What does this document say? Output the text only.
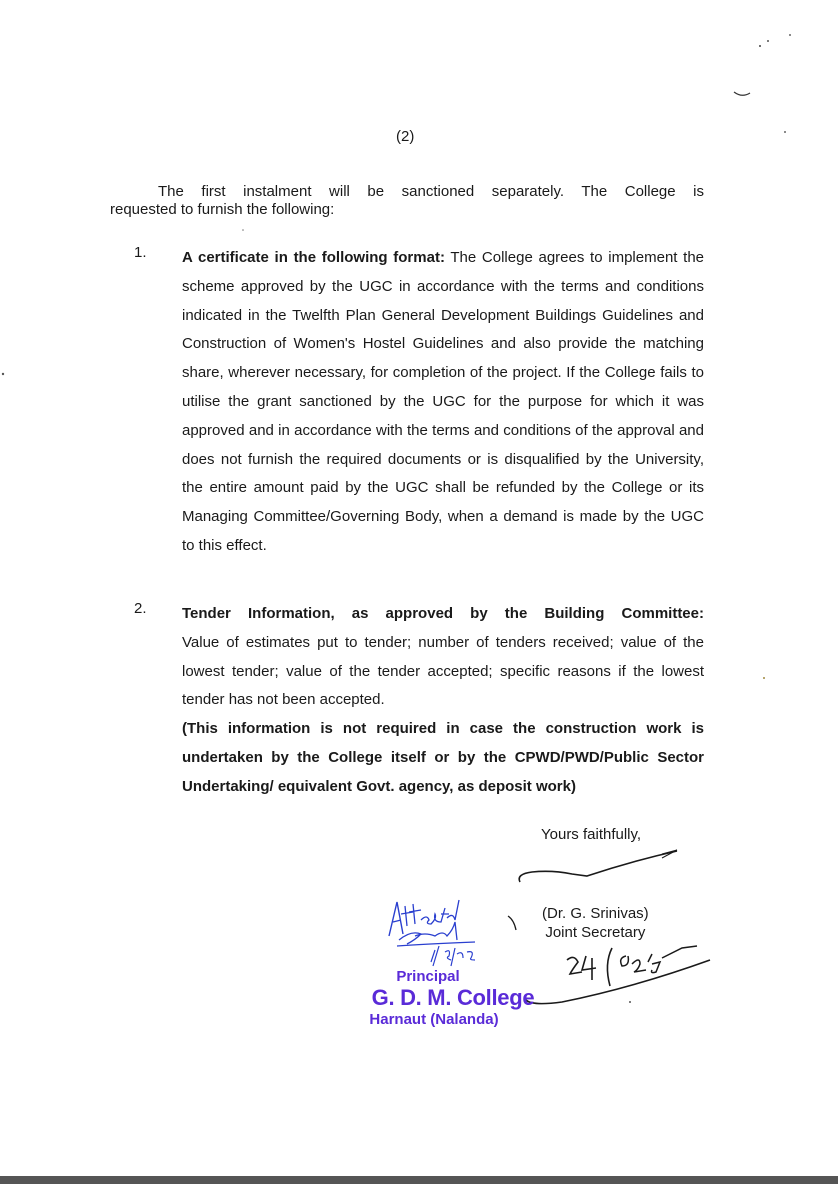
(2)
The first instalment will be sanctioned separately. The College is
requested to furnish the following:
1. A certificate in the following format: The College agrees to implement the scheme approved by the UGC in accordance with the terms and conditions indicated in the Twelfth Plan General Development Buildings Guidelines and Construction of Women's Hostel Guidelines and also provide the matching share, wherever necessary, for completion of the project. If the College fails to utilise the grant sanctioned by the UGC for the purpose for which it was approved and in accordance with the terms and conditions of the approval and does not furnish the required documents or is disqualified by the University, the entire amount paid by the UGC shall be refunded by the College or its Managing Committee/Governing Body, when a demand is made by the UGC to this effect.
2. Tender Information, as approved by the Building Committee:
Value of estimates put to tender; number of tenders received; value of the lowest tender; value of the tender accepted; specific reasons if the lowest tender has not been accepted.
(This information is not required in case the construction work is undertaken by the College itself or by the CPWD/PWD/Public Sector Undertaking/ equivalent Govt. agency, as deposit work)
Yours faithfully,
(Dr. G. Srinivas)
Joint Secretary
Principal
G. D. M. College
Harnaut (Nalanda)
